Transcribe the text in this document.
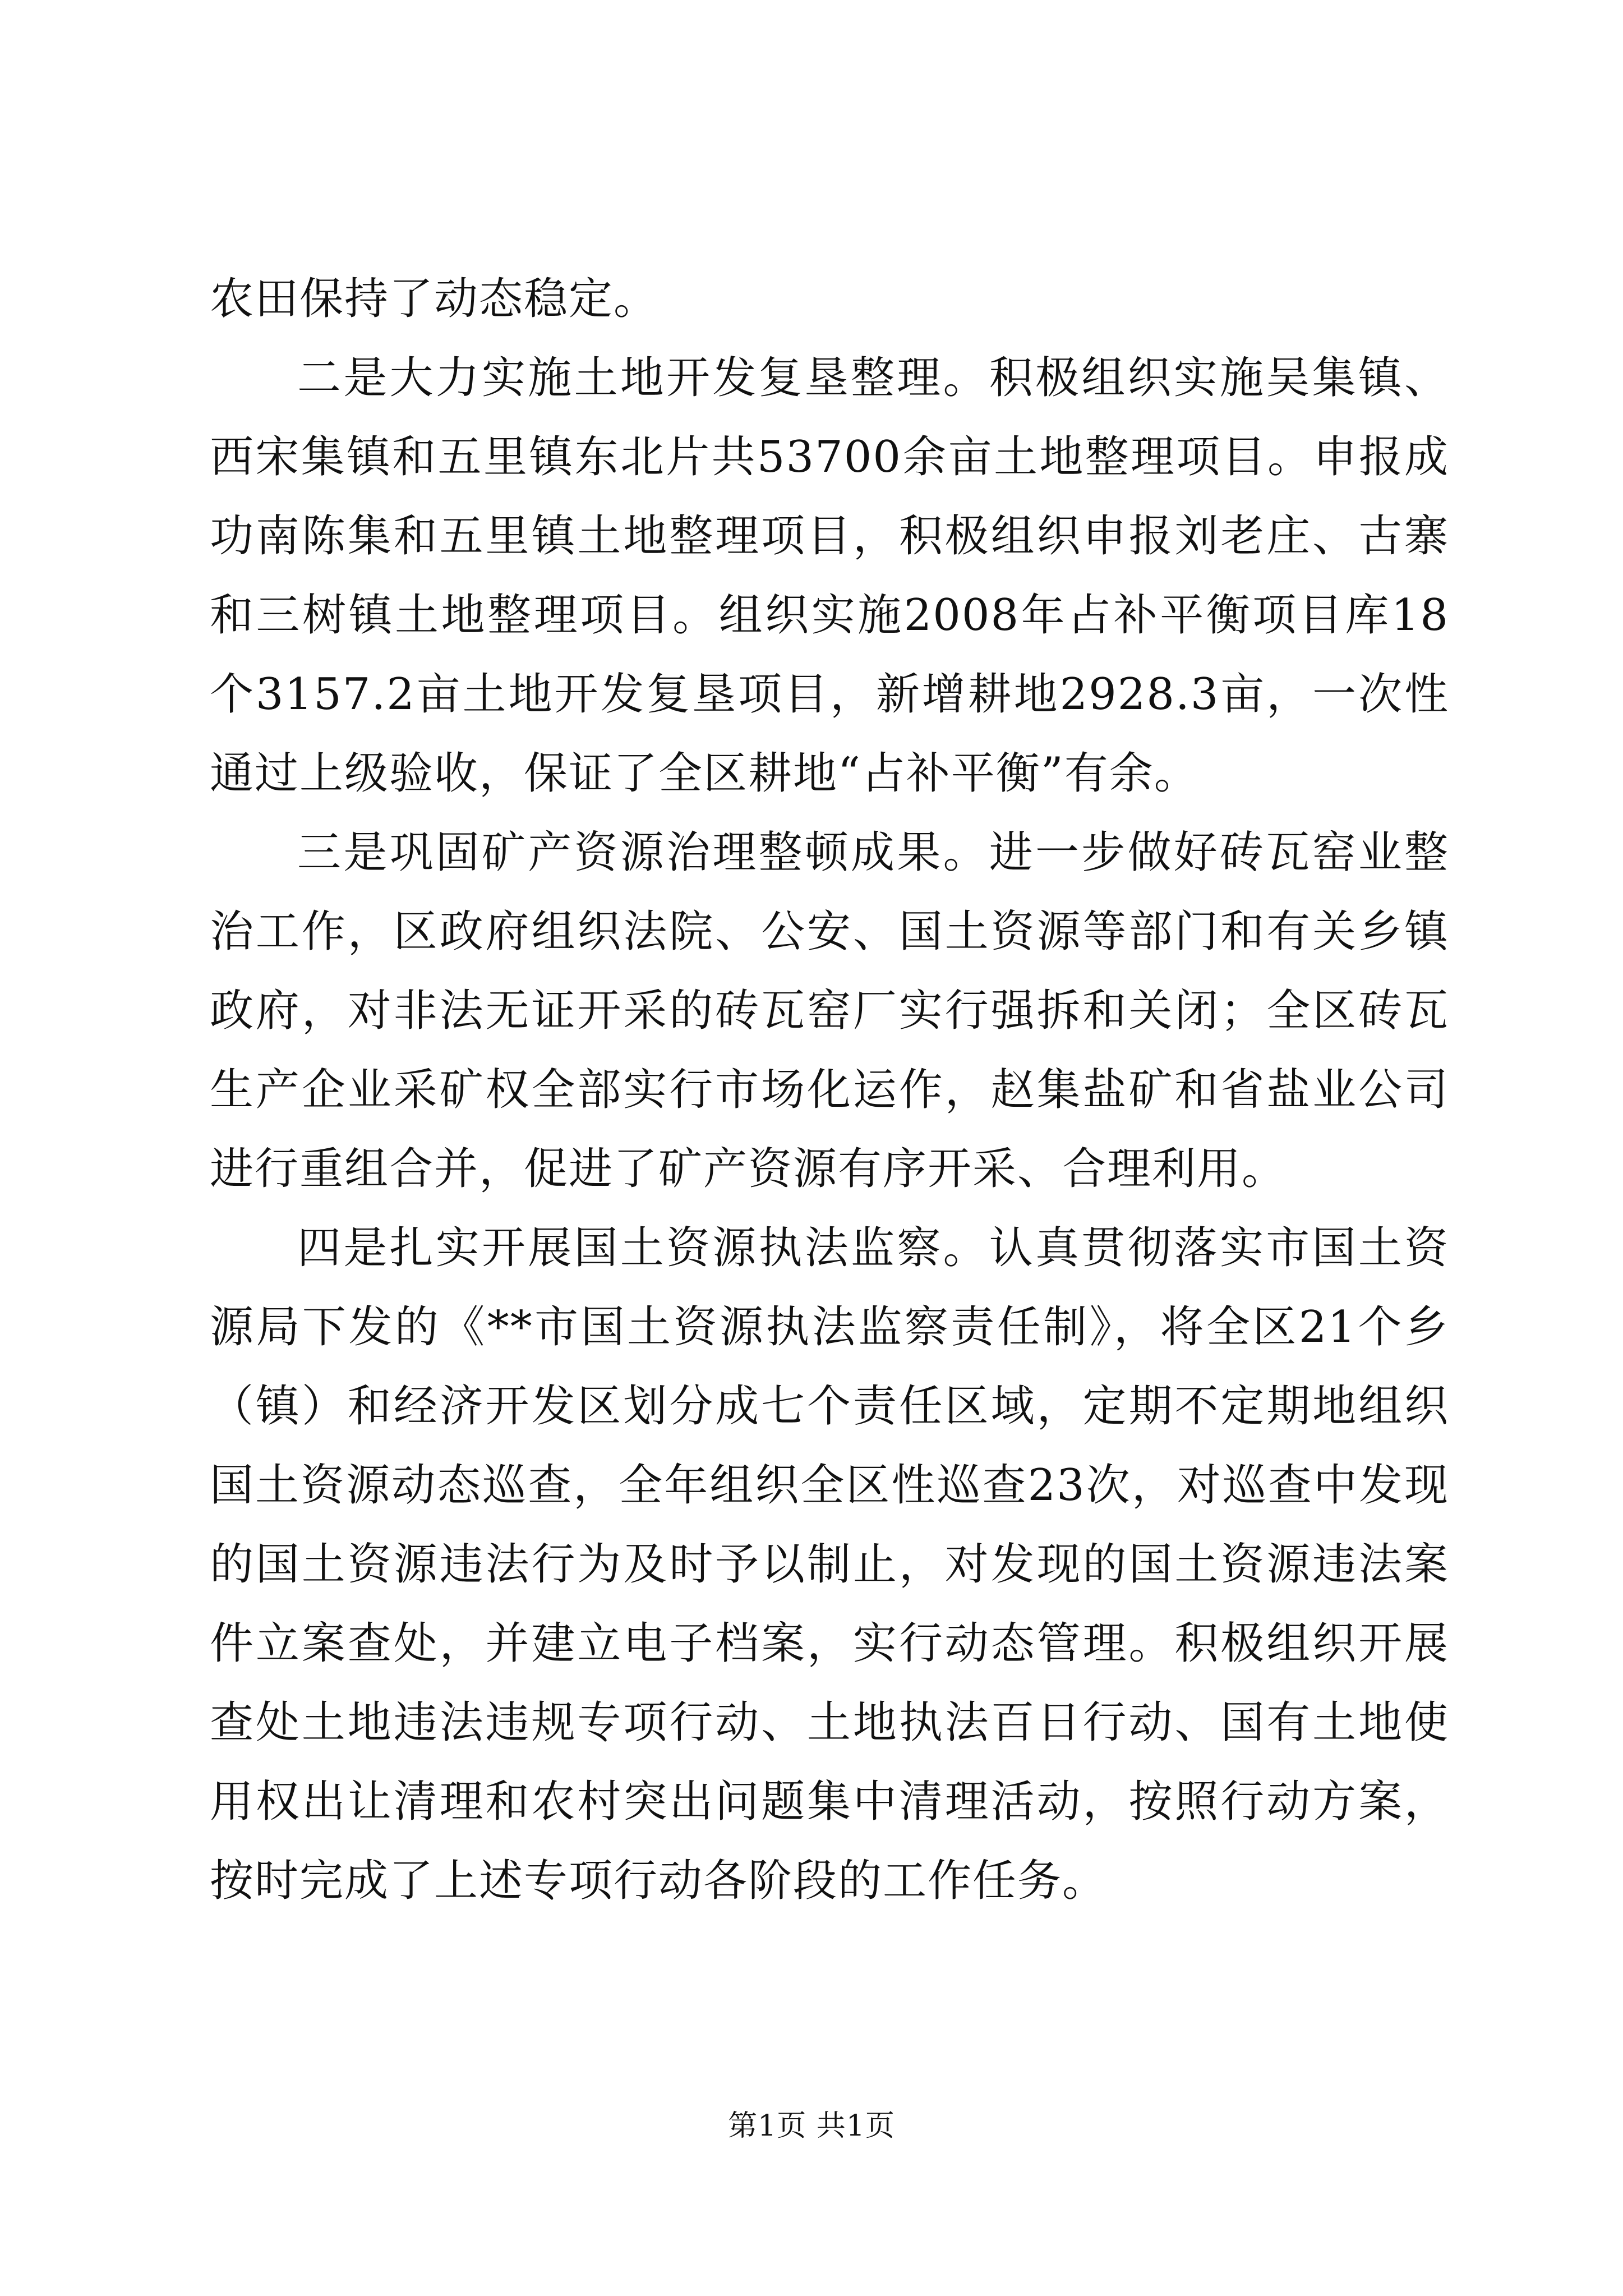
农田保持了动态稳定。

二是大力实施土地开发复垦整理。积极组织实施吴集镇、西宋集镇和五里镇东北片共53700余亩土地整理项目。申报成功南陈集和五里镇土地整理项目，积极组织申报刘老庄、古寨和三树镇土地整理项目。组织实施2008年占补平衡项目库18个3157.2亩土地开发复垦项目，新增耕地2928.3亩，一次性通过上级验收，保证了全区耕地“占补平衡”有余。

三是巩固矿产资源治理整顿成果。进一步做好砖瓦窑业整治工作，区政府组织法院、公安、国土资源等部门和有关乡镇政府，对非法无证开采的砖瓦窑厂实行强拆和关闭；全区砖瓦生产企业采矿权全部实行市场化运作，赵集盐矿和省盐业公司进行重组合并，促进了矿产资源有序开采、合理利用。

四是扎实开展国土资源执法监察。认真贯彻落实市国土资源局下发的《**市国土资源执法监察责任制》，将全区21个乡（镇）和经济开发区划分成七个责任区域，定期不定期地组织国土资源动态巡查，全年组织全区性巡查23次，对巡查中发现的国土资源违法行为及时予以制止，对发现的国土资源违法案件立案查处，并建立电子档案，实行动态管理。积极组织开展查处土地违法违规专项行动、土地执法百日行动、国有土地使用权出让清理和农村突出问题集中清理活动，按照行动方案，按时完成了上述专项行动各阶段的工作任务。

第1页 共1页
